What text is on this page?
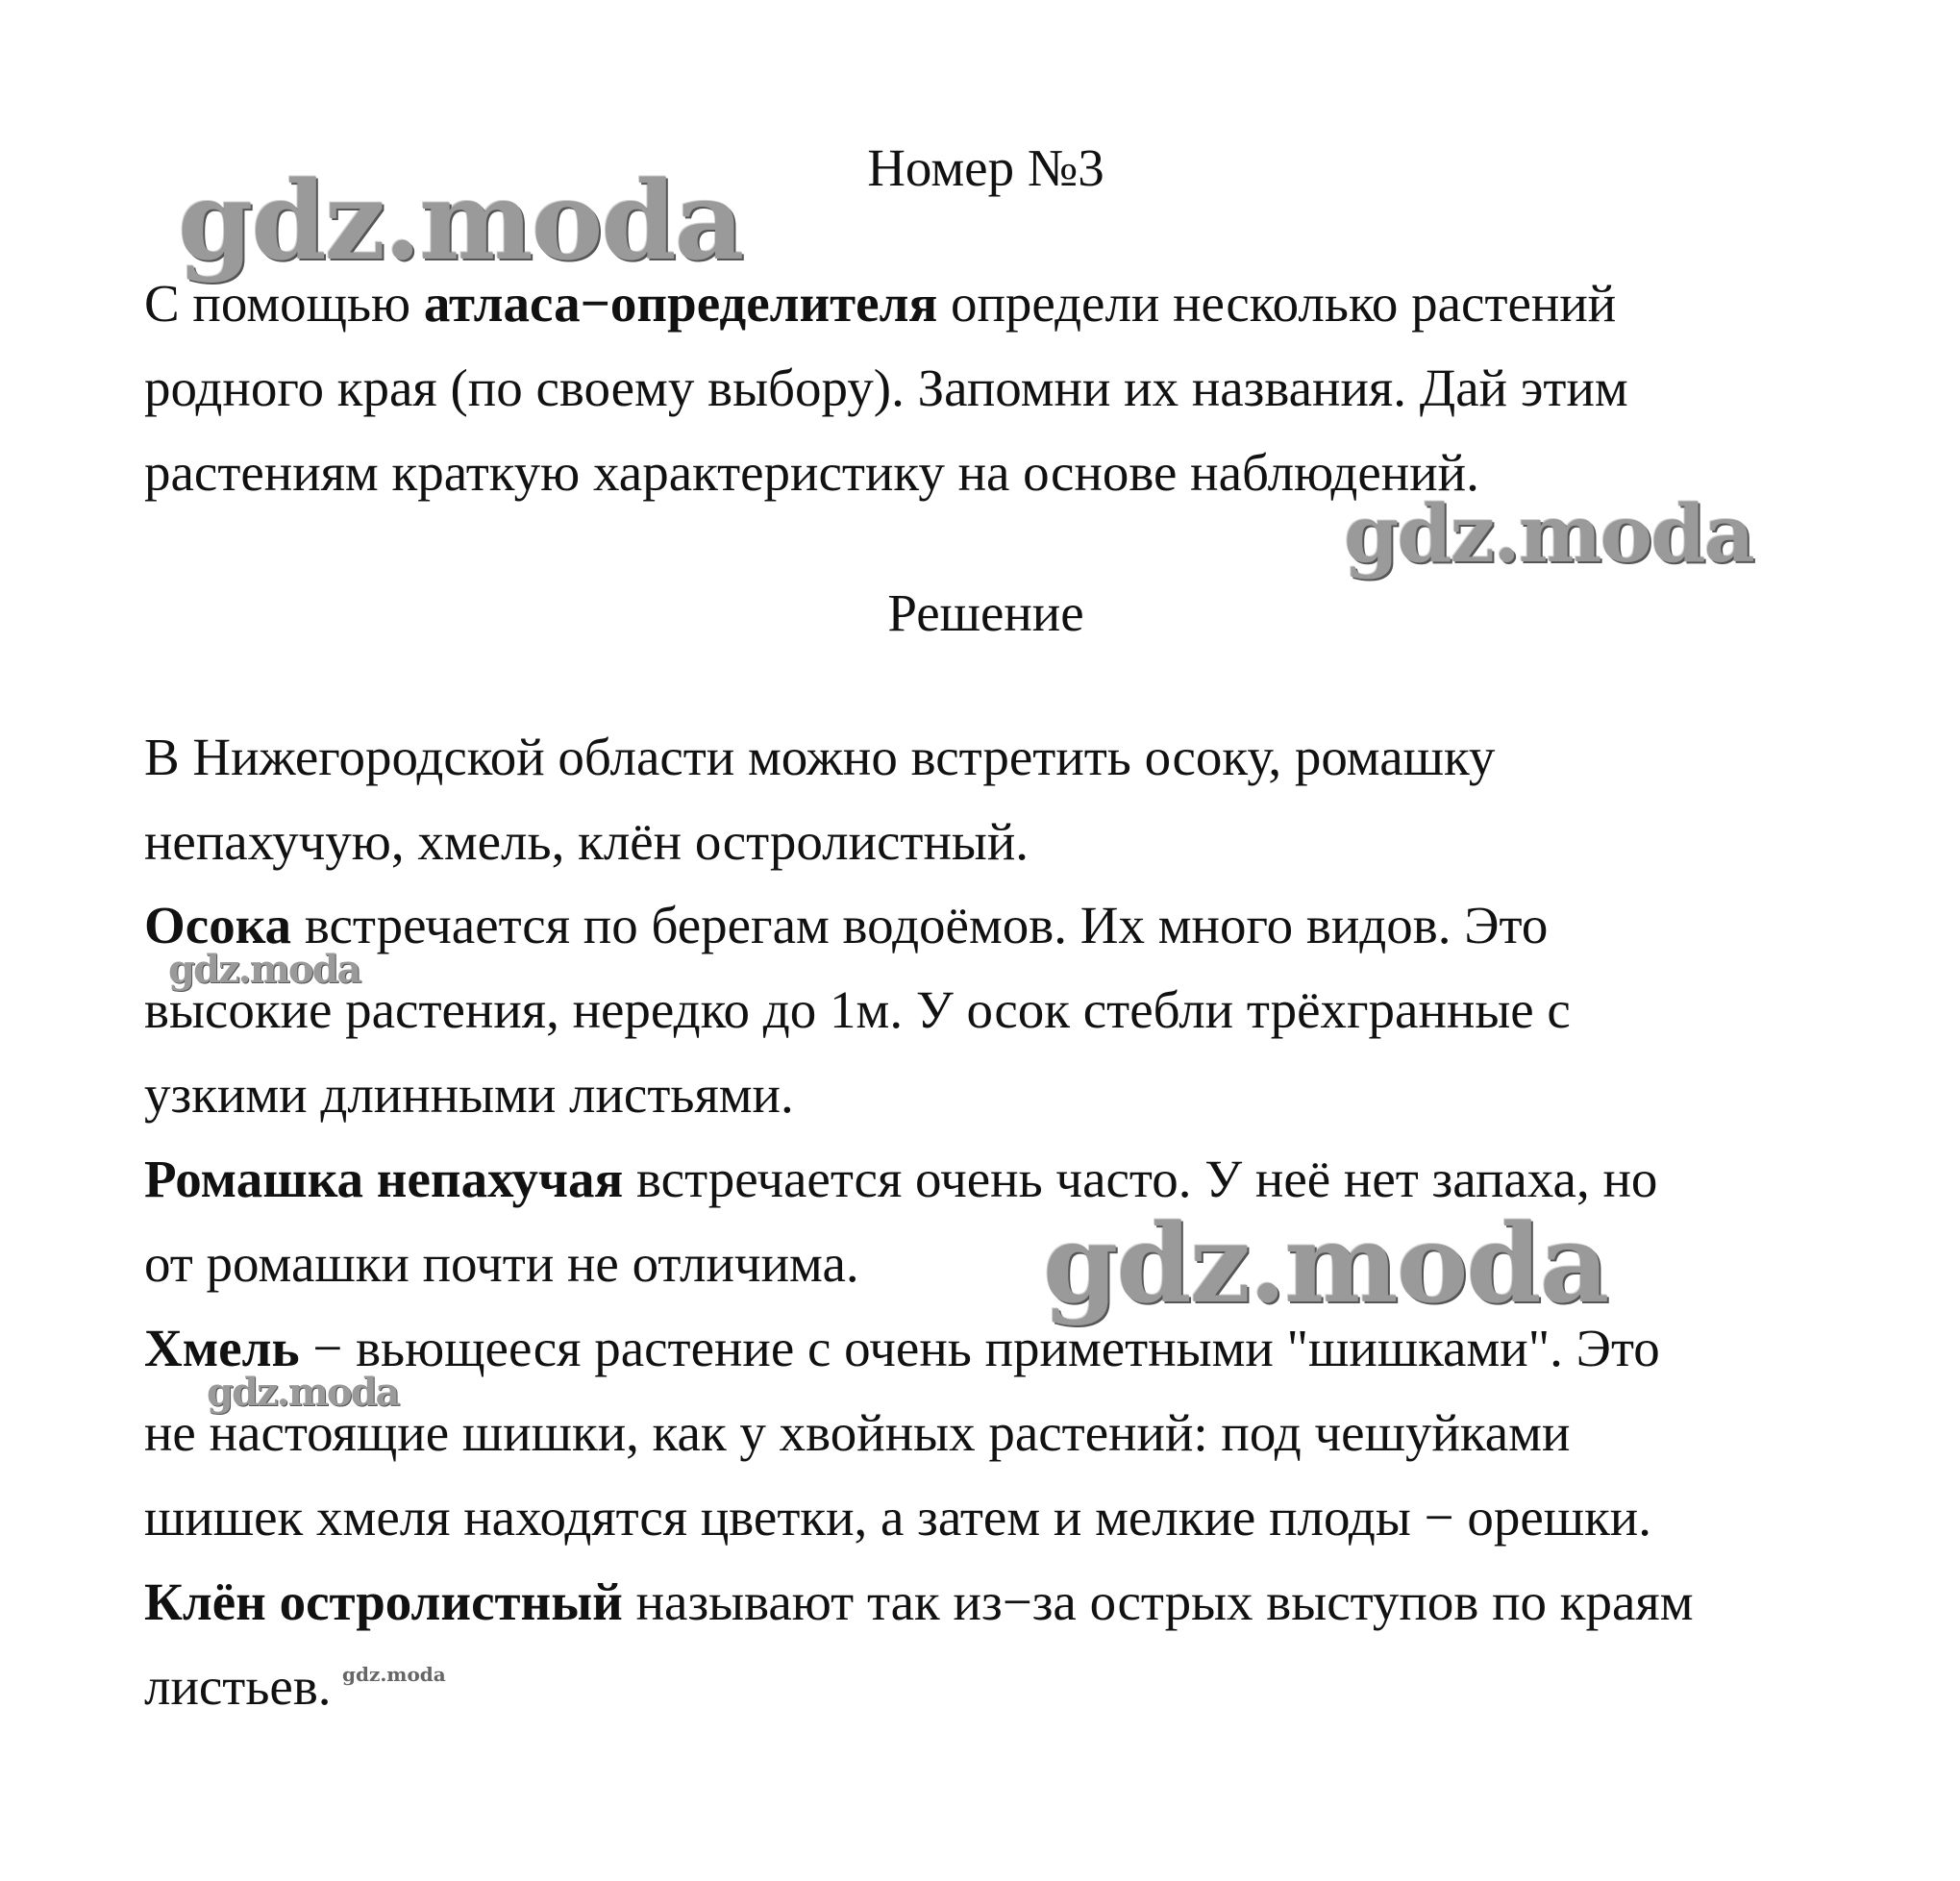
gdz.moda
gdz.moda
gdz.moda
gdz.moda
gdz.moda
gdz.moda
Номер №3
С помощью атласа−определителя определи несколько растений
родного края (по своему выбору). Запомни их названия. Дай этим
растениям краткую характеристику на основе наблюдений.
Решение
В Нижегородской области можно встретить осоку, ромашку
непахучую, хмель, клён остролистный.
Осока встречается по берегам водоёмов. Их много видов. Это
высокие растения, нередко до 1м. У осок стебли трёхгранные с
узкими длинными листьями.
Ромашка непахучая встречается очень часто. У неё нет запаха, но
от ромашки почти не отличима.
Хмель − вьющееся растение с очень приметными "шишками". Это
не настоящие шишки, как у хвойных растений: под чешуйками
шишек хмеля находятся цветки, а затем и мелкие плоды − орешки.
Клён остролистный называют так из−за острых выступов по краям
листьев.
